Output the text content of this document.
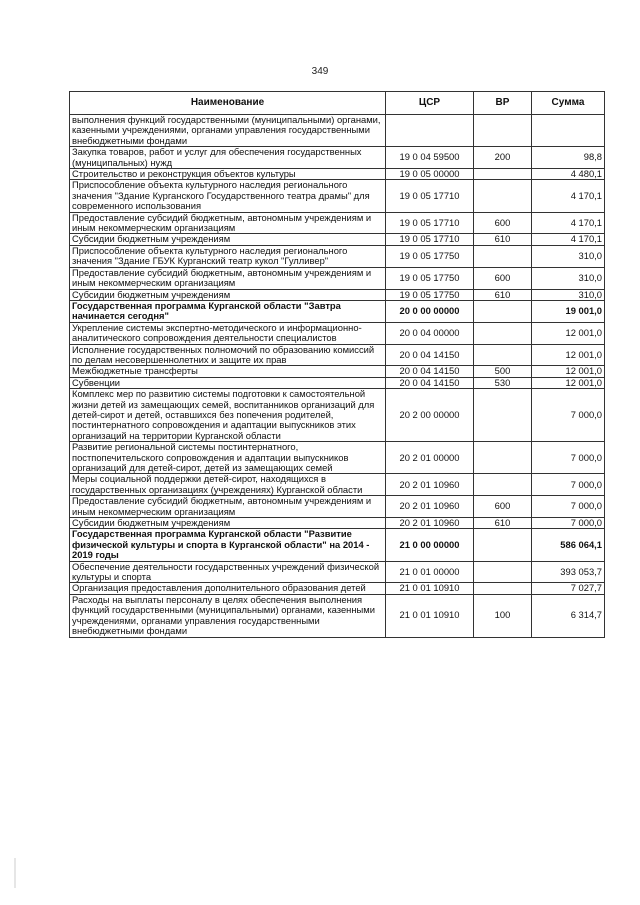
349
Наименование	ЦСР	ВР	Сумма
выполнения функций государственными (муниципальными) органами, казенными учреждениями, органами управления государственными внебюджетными фондами			
Закупка товаров, работ и услуг для обеспечения государственных (муниципальных) нужд	19 0 04 59500	200	98,8
Строительство и реконструкция объектов культуры	19 0 05 00000		4 480,1
Приспособление объекта культурного наследия регионального значения "Здание Курганского Государственного театра драмы" для современного использования	19 0 05 17710		4 170,1
Предоставление субсидий бюджетным, автономным учреждениям и иным некоммерческим организациям	19 0 05 17710	600	4 170,1
Субсидии бюджетным учреждениям	19 0 05 17710	610	4 170,1
Приспособление объекта культурного наследия регионального значения "Здание ГБУК Курганский театр кукол "Гулливер"	19 0 05 17750		310,0
Предоставление субсидий бюджетным, автономным учреждениям и иным некоммерческим организациям	19 0 05 17750	600	310,0
Субсидии бюджетным учреждениям	19 0 05 17750	610	310,0
Государственная программа Курганской области "Завтра начинается сегодня"	20 0 00 00000		19 001,0
Укрепление системы экспертно-методического и информационно-аналитического сопровождения деятельности специалистов	20 0 04 00000		12 001,0
Исполнение государственных полномочий по образованию комиссий по делам несовершеннолетних и защите их прав	20 0 04 14150		12 001,0
Межбюджетные трансферты	20 0 04 14150	500	12 001,0
Субвенции	20 0 04 14150	530	12 001,0
Комплекс мер по развитию системы подготовки к самостоятельной жизни детей из замещающих семей, воспитанников организаций для детей-сирот и детей, оставшихся без попечения родителей, постинтернатного сопровождения и адаптации выпускников этих организаций на территории Курганской области	20 2 00 00000		7 000,0
Развитие региональной системы постинтернатного, постпопечительского сопровождения и адаптации выпускников организаций для детей-сирот, детей из замещающих семей	20 2 01 00000		7 000,0
Меры социальной поддержки детей-сирот, находящихся в государственных организациях (учреждениях) Курганской области	20 2 01 10960		7 000,0
Предоставление субсидий бюджетным, автономным учреждениям и иным некоммерческим организациям	20 2 01 10960	600	7 000,0
Субсидии бюджетным учреждениям	20 2 01 10960	610	7 000,0
Государственная программа Курганской области "Развитие физической культуры и спорта в Курганской области" на 2014 - 2019 годы	21 0 00 00000		586 064,1
Обеспечение деятельности государственных учреждений физической культуры и спорта	21 0 01 00000		393 053,7
Организация предоставления дополнительного образования детей	21 0 01 10910		7 027,7
Расходы на выплаты персоналу в целях обеспечения выполнения функций государственными (муниципальными) органами, казенными учреждениями, органами управления государственными внебюджетными фондами	21 0 01 10910	100	6 314,7
